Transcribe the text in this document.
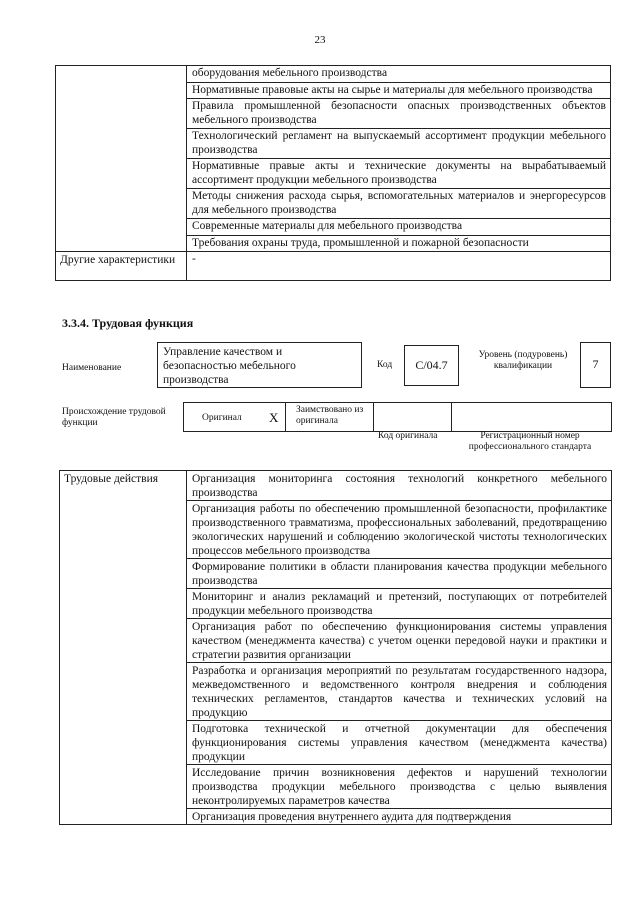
23
	оборудования мебельного производства
	Нормативные правовые акты на сырье и материалы для мебельного производства
	Правила промышленной безопасности опасных производственных объектов мебельного производства
	Технологический регламент на выпускаемый ассортимент продукции мебельного производства
	Нормативные правые акты и технические документы на вырабатываемый ассортимент продукции мебельного производства
	Методы снижения расхода сырья, вспомогательных материалов и энергоресурсов для мебельного производства
	Современные материалы для мебельного производства
	Требования охраны труда, промышленной и пожарной безопасности
Другие характеристики	-
3.3.4. Трудовая функция
Наименование
Управление качеством и безопасностью мебельного производства
Код	C/04.7
Уровень (подуровень) квалификации	7
Происхождение трудовой функции	Оригинал X	Заимствовано из оригинала
Код оригинала	Регистрационный номер профессионального стандарта
Трудовые действия	Организация мониторинга состояния технологий конкретного мебельного производства
Организация работы по обеспечению промышленной безопасности, профилактике производственного травматизма, профессиональных заболеваний, предотвращению экологических нарушений и соблюдению экологической чистоты технологических процессов мебельного производства
Формирование политики в области планирования качества продукции мебельного производства
Мониторинг и анализ рекламаций и претензий, поступающих от потребителей продукции мебельного производства
Организация работ по обеспечению функционирования системы управления качеством (менеджмента качества) с учетом оценки передовой науки и практики и стратегии развития организации
Разработка и организация мероприятий по результатам государственного надзора, межведомственного и ведомственного контроля внедрения и соблюдения технических регламентов, стандартов качества и технических условий на продукцию
Подготовка технической и отчетной документации для обеспечения функционирования системы управления качеством (менеджмента качества) продукции
Исследование причин возникновения дефектов и нарушений технологии производства продукции мебельного производства с целью выявления неконтролируемых параметров качества
Организация проведения внутреннего аудита для подтверждения
